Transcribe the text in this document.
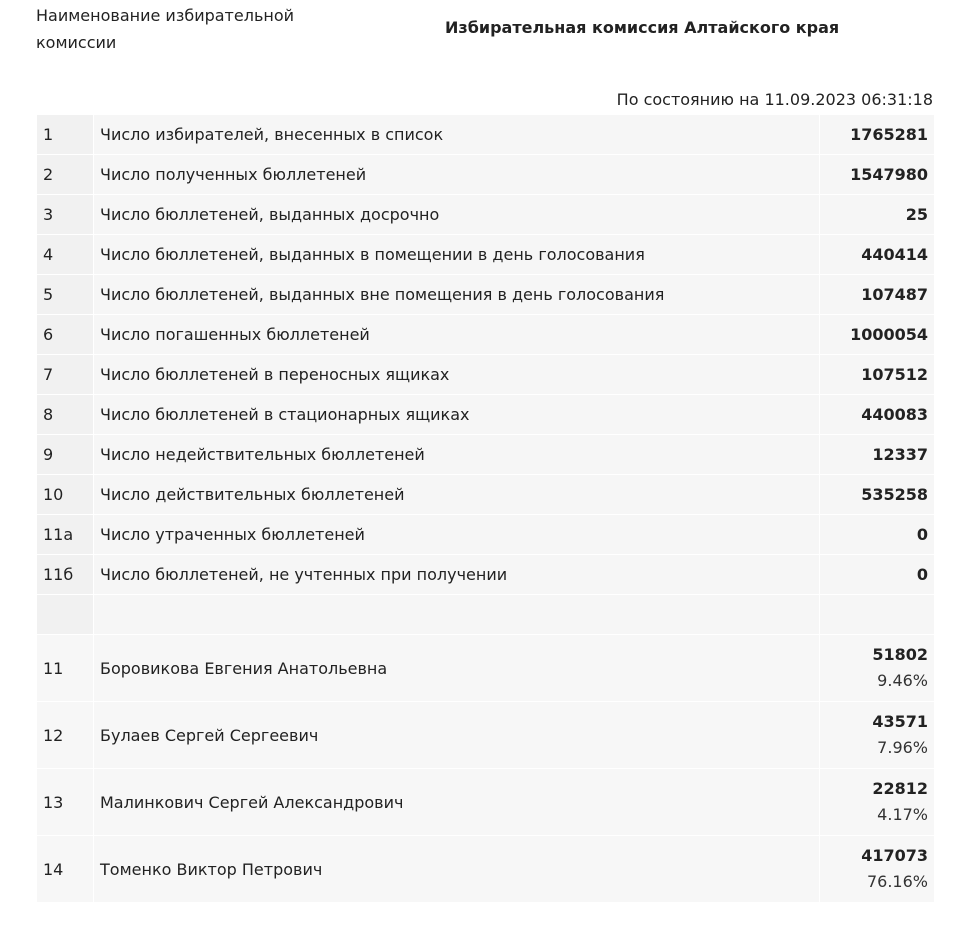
Наименование избирательной комиссии
Избирательная комиссия Алтайского края
По состоянию на 11.09.2023 06:31:18
1	Число избирателей, внесенных в список	1765281
2	Число полученных бюллетеней	1547980
3	Число бюллетеней, выданных досрочно	25
4	Число бюллетеней, выданных в помещении в день голосования	440414
5	Число бюллетеней, выданных вне помещения в день голосования	107487
6	Число погашенных бюллетеней	1000054
7	Число бюллетеней в переносных ящиках	107512
8	Число бюллетеней в стационарных ящиках	440083
9	Число недействительных бюллетеней	12337
10	Число действительных бюллетеней	535258
11а	Число утраченных бюллетеней	0
11б	Число бюллетеней, не учтенных при получении	0

11	Боровикова Евгения Анатольевна	51802
9.46%

12	Булаев Сергей Сергеевич	43571
7.96%

13	Малинкович Сергей Александрович	22812
4.17%

14	Томенко Виктор Петрович	417073
76.16%
